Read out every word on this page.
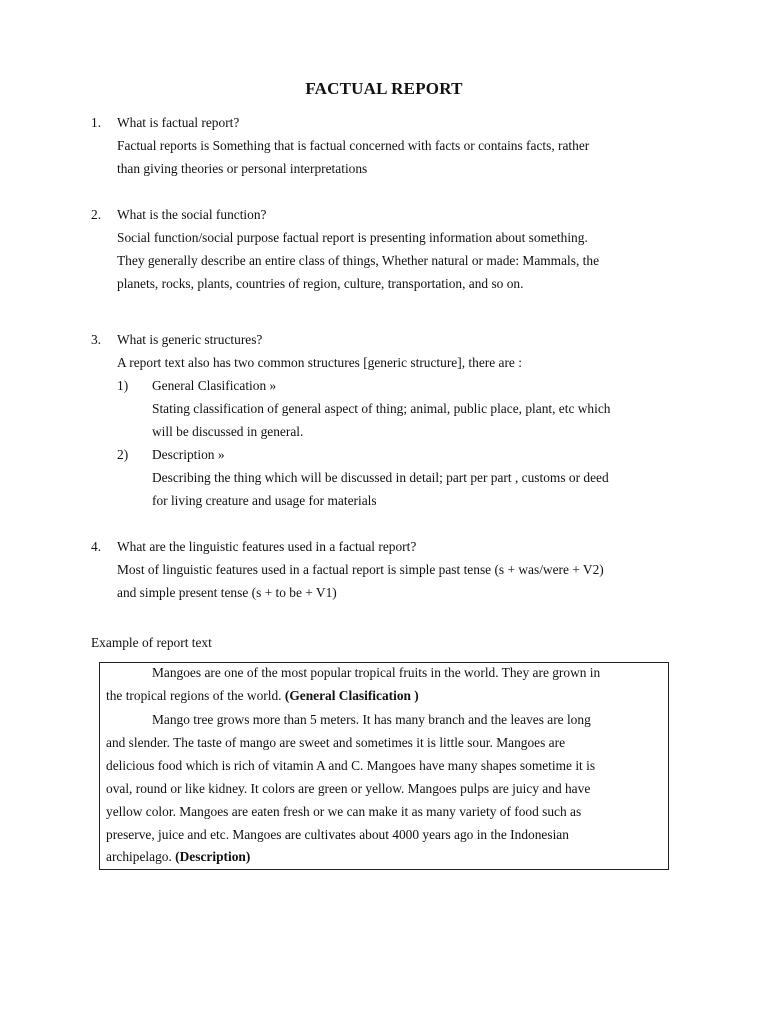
FACTUAL REPORT
1. What is factual report?
Factual reports is Something that is factual concerned with facts or contains facts, rather
than giving theories or personal interpretations
2. What is the social function?
Social function/social purpose factual report is presenting information about something.
They generally describe an entire class of things, Whether natural or made: Mammals, the
planets, rocks, plants, countries of region, culture, transportation, and so on.
3. What is generic structures?
A report text also has two common structures [generic structure], there are :
1) General Clasification »
Stating classification of general aspect of thing; animal, public place, plant, etc which
will be discussed in general.
2) Description »
Describing the thing which will be discussed in detail; part per part , customs or deed
for living creature and usage for materials
4. What are the linguistic features used in a factual report?
Most of linguistic features used in a factual report is simple past tense (s + was/were + V2)
and simple present tense (s + to be + V1)
Example of report text
Mangoes are one of the most popular tropical fruits in the world. They are grown in
the tropical regions of the world. (General Clasification )
Mango tree grows more than 5 meters. It has many branch and the leaves are long
and slender. The taste of mango are sweet and sometimes it is little sour. Mangoes are
delicious food which is rich of vitamin A and C. Mangoes have many shapes sometime it is
oval, round or like kidney. It colors are green or yellow. Mangoes pulps are juicy and have
yellow color. Mangoes are eaten fresh or we can make it as many variety of food such as
preserve, juice and etc. Mangoes are cultivates about 4000 years ago in the Indonesian
archipelago. (Description)
